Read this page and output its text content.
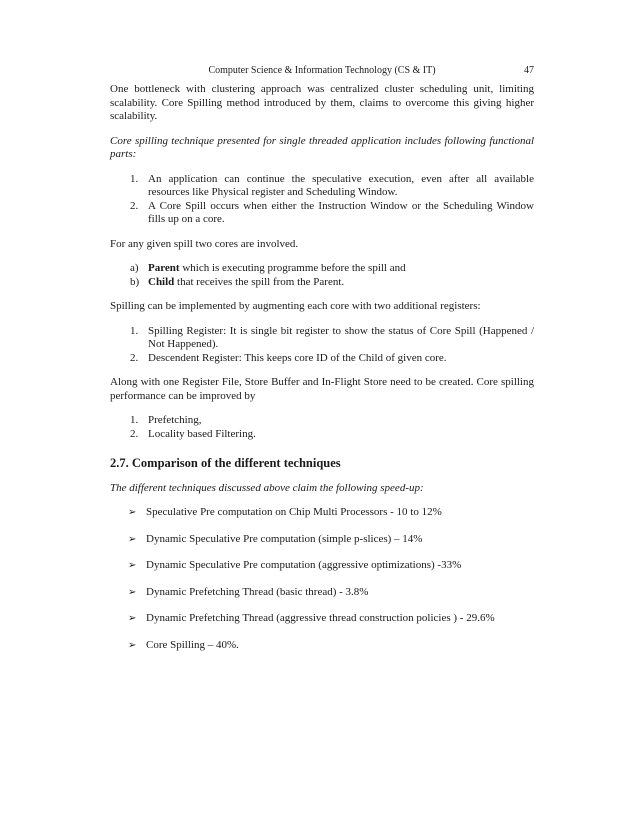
Computer Science & Information Technology (CS & IT)	47

One bottleneck with clustering approach was centralized cluster scheduling unit, limiting scalability. Core Spilling method introduced by them, claims to overcome this giving higher scalability.

Core spilling technique presented for single threaded application includes following functional parts:

1. An application can continue the speculative execution, even after all available resources like Physical register and Scheduling Window.
2. A Core Spill occurs when either the Instruction Window or the Scheduling Window fills up on a core.

For any given spill two cores are involved.

a) Parent which is executing programme before the spill and
b) Child that receives the spill from the Parent.

Spilling can be implemented by augmenting each core with two additional registers:

1. Spilling Register: It is single bit register to show the status of Core Spill (Happened / Not Happened).
2. Descendent Register: This keeps core ID of the Child of given core.

Along with one Register File, Store Buffer and In-Flight Store need to be created. Core spilling performance can be improved by

1. Prefetching,
2. Locality based Filtering.
2.7. Comparison of the different techniques

The different techniques discussed above claim the following speed-up:

➢ Speculative Pre computation on Chip Multi Processors - 10 to 12%
➢ Dynamic Speculative Pre computation (simple p-slices) – 14%
➢ Dynamic Speculative Pre computation (aggressive optimizations) -33%
➢ Dynamic Prefetching Thread (basic thread) - 3.8%
➢ Dynamic Prefetching Thread (aggressive thread construction policies ) - 29.6%
➢ Core Spilling – 40%.
